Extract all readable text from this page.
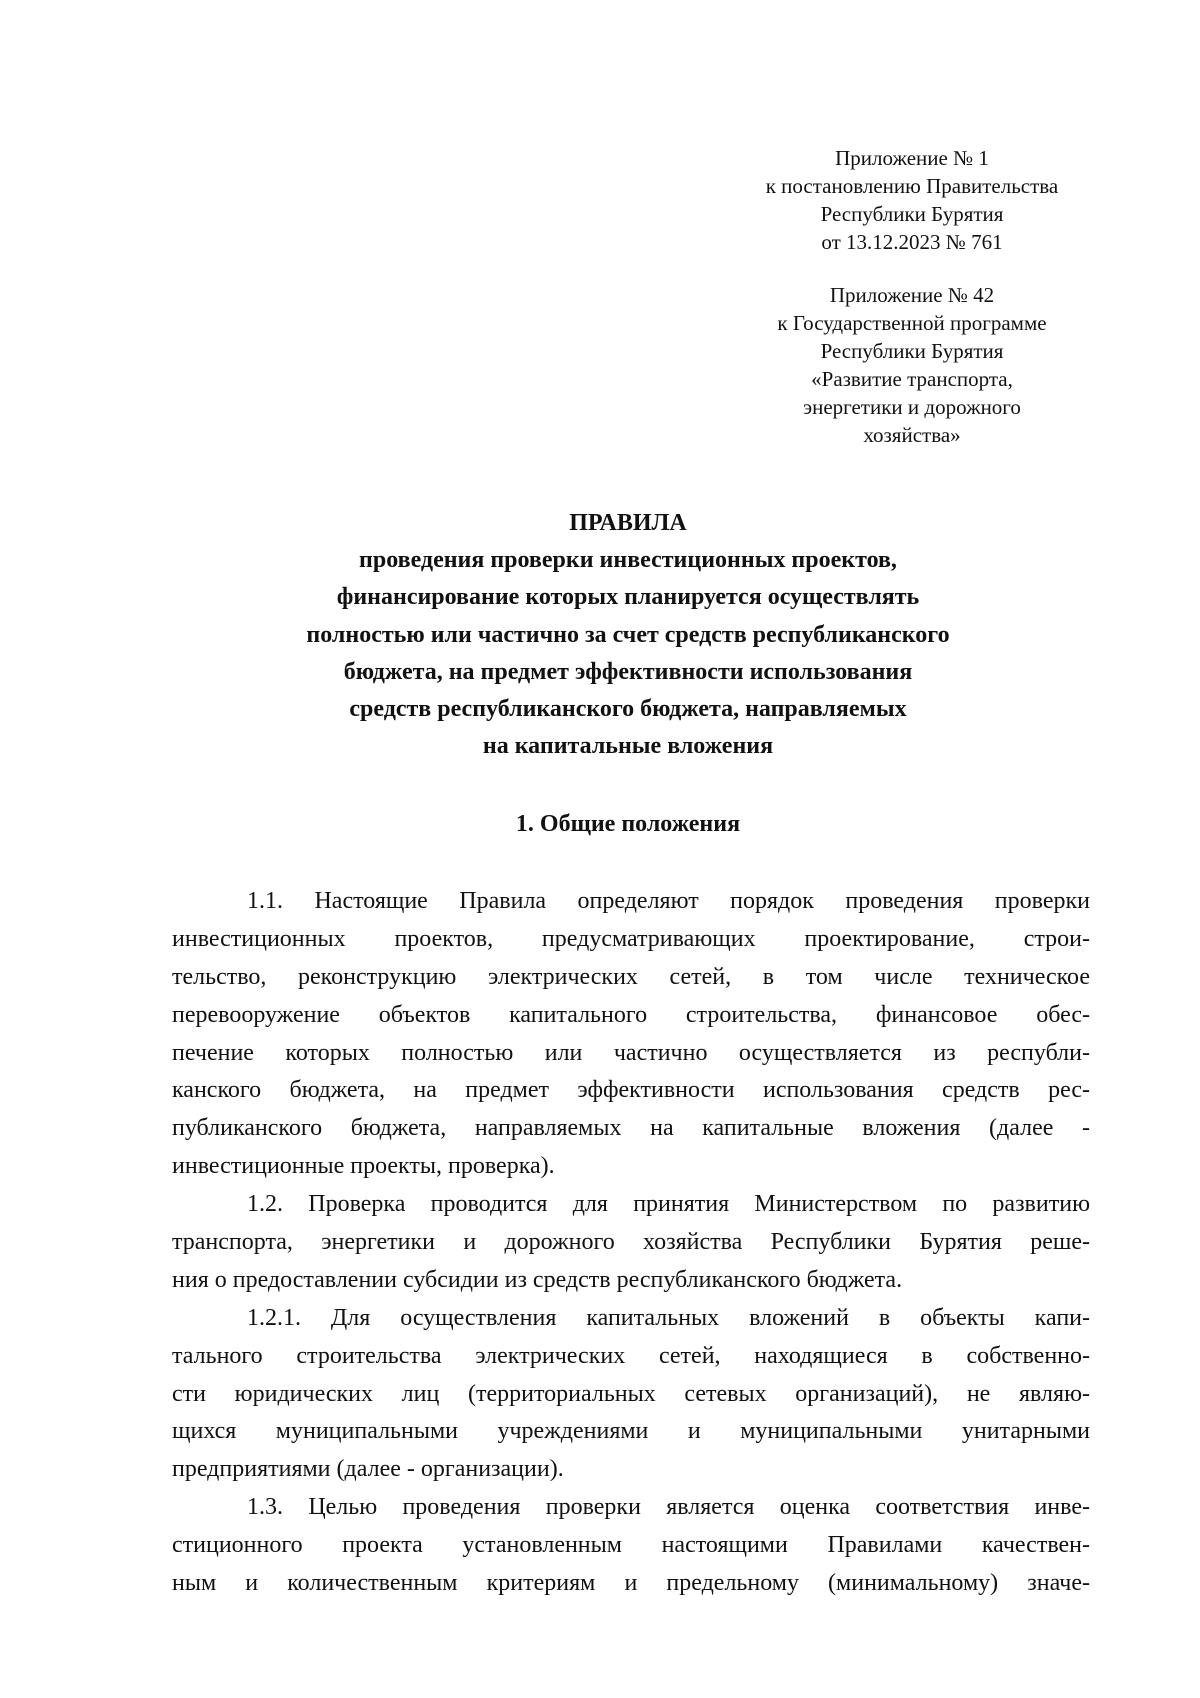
Приложение № 1
к постановлению Правительства
Республики Бурятия
от 13.12.2023 № 761
Приложение № 42
к Государственной программе
Республики Бурятия
«Развитие транспорта,
энергетики и дорожного
хозяйства»
ПРАВИЛА
проведения проверки инвестиционных проектов,
финансирование которых планируется осуществлять
полностью или частично за счет средств республиканского
бюджета, на предмет эффективности использования
средств республиканского бюджета, направляемых
на капитальные вложения
1. Общие положения
1.1. Настоящие Правила определяют порядок проведения проверки
инвестиционных проектов, предусматривающих проектирование, строи-
тельство, реконструкцию электрических сетей, в том числе техническое
перевооружение объектов капитального строительства, финансовое обес-
печение которых полностью или частично осуществляется из республи-
канского бюджета, на предмет эффективности использования средств рес-
публиканского бюджета, направляемых на капитальные вложения (далее -
инвестиционные проекты, проверка).
1.2. Проверка проводится для принятия Министерством по развитию
транспорта, энергетики и дорожного хозяйства Республики Бурятия реше-
ния о предоставлении субсидии из средств республиканского бюджета.
1.2.1. Для осуществления капитальных вложений в объекты капи-
тального строительства электрических сетей, находящиеся в собственно-
сти юридических лиц (территориальных сетевых организаций), не являю-
щихся муниципальными учреждениями и муниципальными унитарными
предприятиями (далее - организации).
1.3. Целью проведения проверки является оценка соответствия инве-
стиционного проекта установленным настоящими Правилами качествен-
ным и количественным критериям и предельному (минимальному) значе-
